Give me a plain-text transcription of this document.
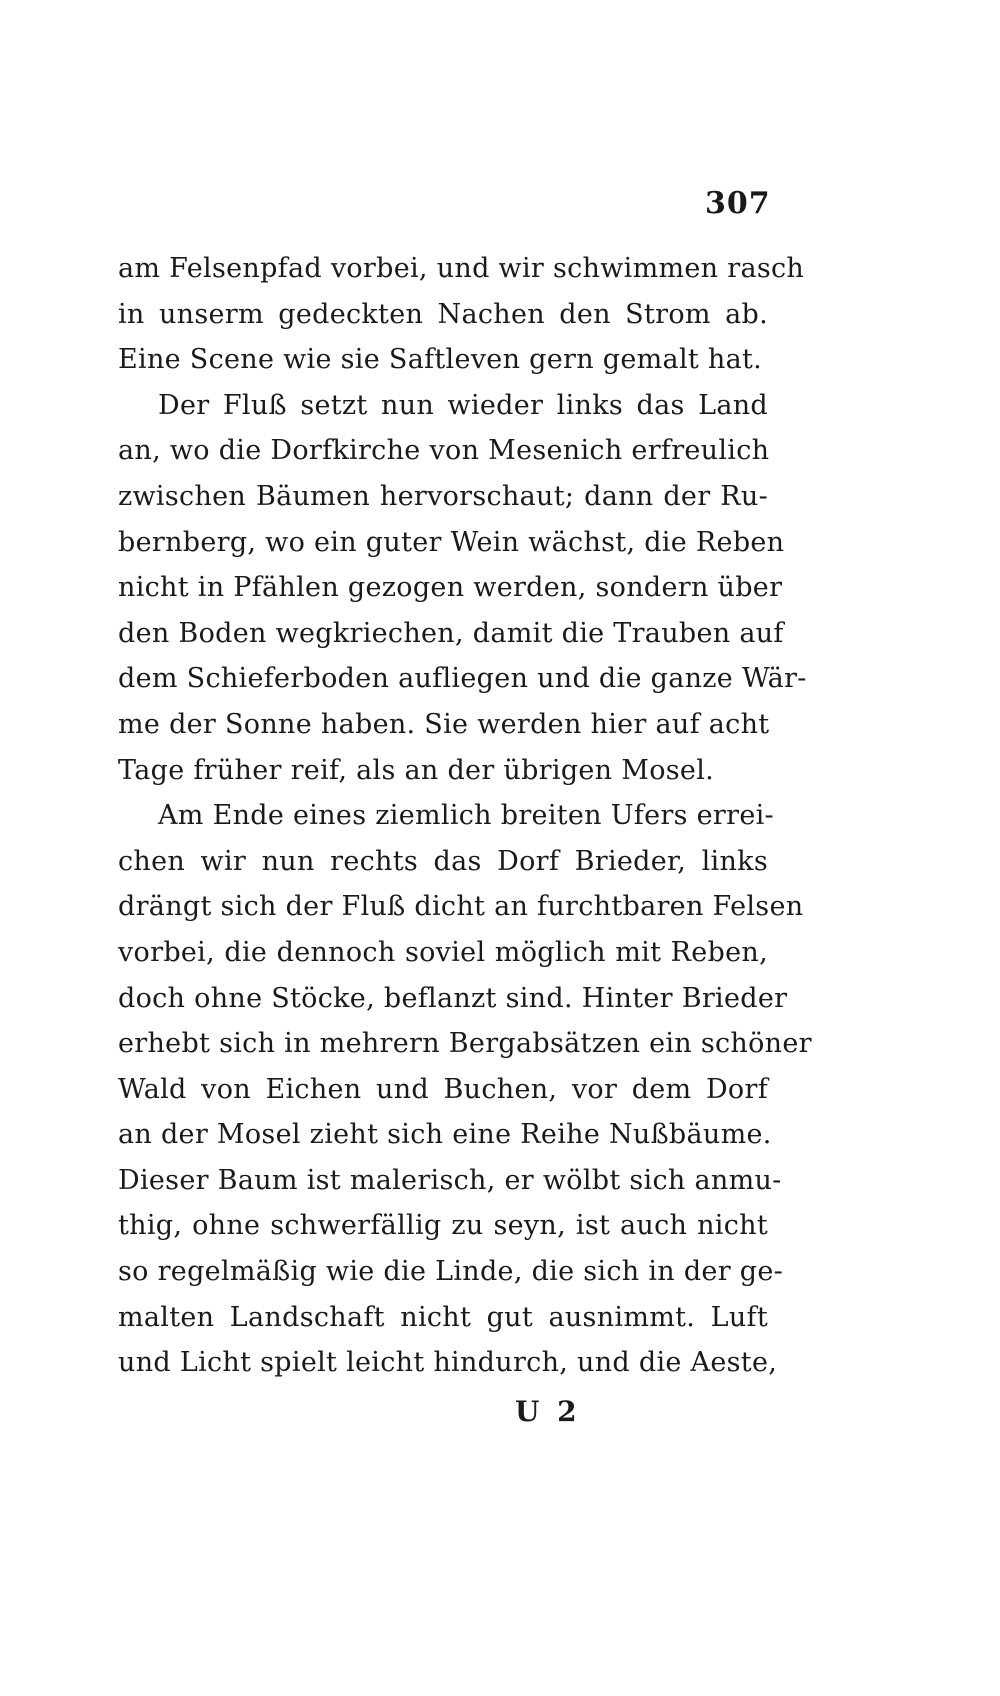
307
am Felsenpfad vorbei, und wir schwimmen rasch
in unserm gedeckten Nachen den Strom ab.
Eine Scene wie sie Saftleven gern gemalt hat.
Der Fluß setzt nun wieder links das Land
an, wo die Dorfkirche von Mesenich erfreulich
zwischen Bäumen hervorschaut; dann der Ru-
bernberg, wo ein guter Wein wächst, die Reben
nicht in Pfählen gezogen werden, sondern über
den Boden wegkriechen, damit die Trauben auf
dem Schieferboden aufliegen und die ganze Wär-
me der Sonne haben. Sie werden hier auf acht
Tage früher reif, als an der übrigen Mosel.
Am Ende eines ziemlich breiten Ufers errei-
chen wir nun rechts das Dorf Brieder, links
drängt sich der Fluß dicht an furchtbaren Felsen
vorbei, die dennoch soviel möglich mit Reben,
doch ohne Stöcke, beflanzt sind. Hinter Brieder
erhebt sich in mehrern Bergabsätzen ein schöner
Wald von Eichen und Buchen, vor dem Dorf
an der Mosel zieht sich eine Reihe Nußbäume.
Dieser Baum ist malerisch, er wölbt sich anmu-
thig, ohne schwerfällig zu seyn, ist auch nicht
so regelmäßig wie die Linde, die sich in der ge-
malten Landschaft nicht gut ausnimmt. Luft
und Licht spielt leicht hindurch, und die Aeste,
U 2
